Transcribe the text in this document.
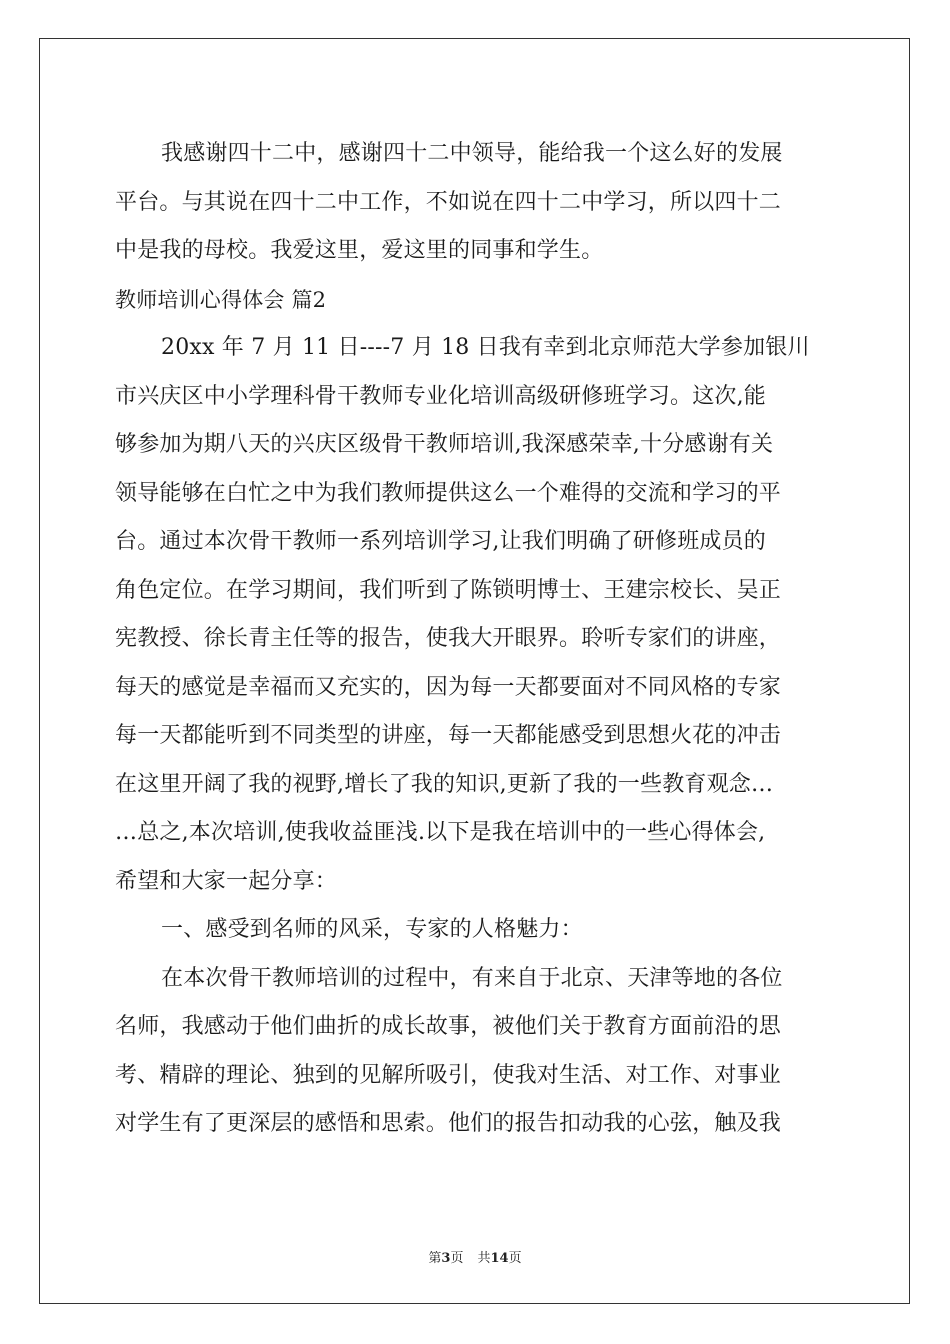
我感谢四十二中，感谢四十二中领导，能给我一个这么好的发展
平台。与其说在四十二中工作，不如说在四十二中学习，所以四十二
中是我的母校。我爱这里，爱这里的同事和学生。
教师培训心得体会 篇2
20xx 年 7 月 11 日----7 月 18 日我有幸到北京师范大学参加银川
市兴庆区中小学理科骨干教师专业化培训高级研修班学习。这次,能
够参加为期八天的兴庆区级骨干教师培训,我深感荣幸,十分感谢有关
领导能够在白忙之中为我们教师提供这么一个难得的交流和学习的平
台。通过本次骨干教师一系列培训学习,让我们明确了研修班成员的
角色定位。在学习期间，我们听到了陈锁明博士、王建宗校长、吴正
宪教授、徐长青主任等的报告，使我大开眼界。聆听专家们的讲座，
每天的感觉是幸福而又充实的，因为每一天都要面对不同风格的专家
每一天都能听到不同类型的讲座，每一天都能感受到思想火花的冲击
在这里开阔了我的视野,增长了我的知识,更新了我的一些教育观念…
…总之,本次培训,使我收益匪浅.以下是我在培训中的一些心得体会,
希望和大家一起分享：
一、感受到名师的风采，专家的人格魅力：
在本次骨干教师培训的过程中，有来自于北京、天津等地的各位
名师，我感动于他们曲折的成长故事，被他们关于教育方面前沿的思
考、精辟的理论、独到的见解所吸引，使我对生活、对工作、对事业
对学生有了更深层的感悟和思索。他们的报告扣动我的心弦，触及我
第3页 共14页
